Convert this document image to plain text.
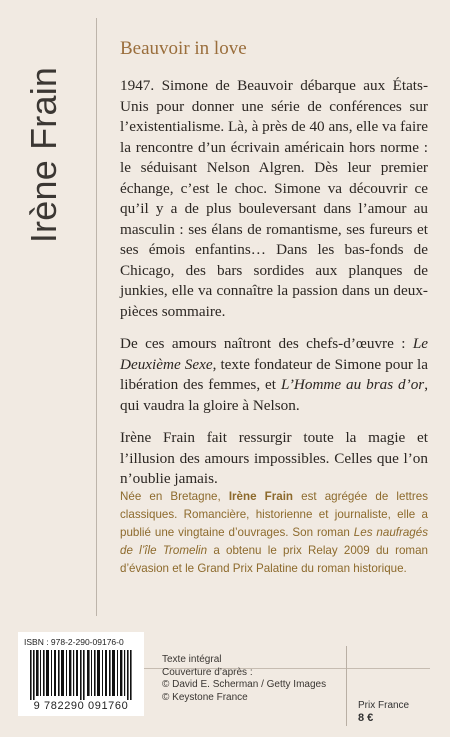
Irène Frain
Beauvoir in love

1947. Simone de Beauvoir débarque aux États-Unis pour donner une série de conférences sur l’existentialisme. Là, à près de 40 ans, elle va faire la rencontre d’un écrivain américain hors norme : le séduisant Nelson Algren. Dès leur premier échange, c’est le choc. Simone va découvrir ce qu’il y a de plus bouleversant dans l’amour au masculin : ses élans de romantisme, ses fureurs et ses émois enfantins… Dans les bas-fonds de Chicago, des bars sordides aux planques de junkies, elle va connaître la passion dans un deux-pièces sommaire.

De ces amours naîtront des chefs-d’œuvre : Le Deuxième Sexe, texte fondateur de Simone pour la libération des femmes, et L’Homme au bras d’or, qui vaudra la gloire à Nelson.

Irène Frain fait ressurgir toute la magie et l’illusion des amours impossibles. Celles que l’on n’oublie jamais.

Née en Bretagne, Irène Frain est agrégée de lettres classiques. Romancière, historienne et journaliste, elle a publié une vingtaine d’ouvrages. Son roman Les naufragés de l’île Tromelin a obtenu le prix Relay 2009 du roman d’évasion et le Grand Prix Palatine du roman historique.

ISBN : 978-2-290-09176-0
9 782290 091760
Texte intégral
Couverture d’après :
© David E. Scherman / Getty Images
© Keystone France
Prix France
8 €
